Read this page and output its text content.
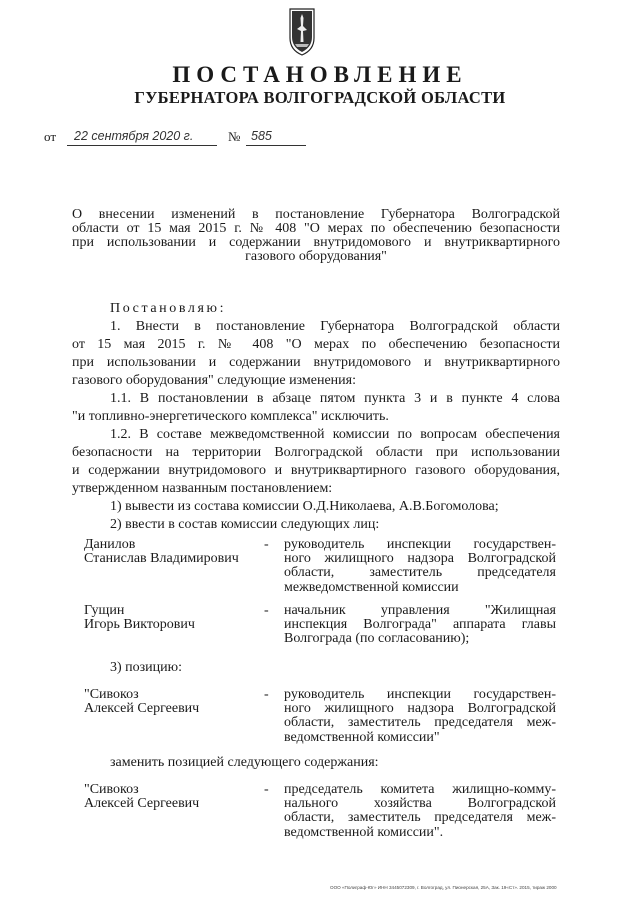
ПОСТАНОВЛЕНИЕ
ГУБЕРНАТОРА ВОЛГОГРАДСКОЙ ОБЛАСТИ
от 22 сентября 2020 г.	№ 585
О внесении изменений в постановление Губернатора Волгоградской
области от 15 мая 2015 г. № 408 "О мерах по обеспечению безопасности
при использовании и содержании внутридомового и внутриквартирного
газового оборудования"
Постановляю:
1. Внести в постановление Губернатора Волгоградской области
от 15 мая 2015 г. № 408 "О мерах по обеспечению безопасности
при использовании и содержании внутридомового и внутриквартирного
газового оборудования" следующие изменения:
1.1. В постановлении в абзаце пятом пункта 3 и в пункте 4 слова
"и топливно-энергетического комплекса" исключить.
1.2. В составе межведомственной комиссии по вопросам обеспечения
безопасности на территории Волгоградской области при использовании
и содержании внутридомового и внутриквартирного газового оборудования,
утвержденном названным постановлением:
1) вывести из состава комиссии О.Д.Николаева, А.В.Богомолова;
2) ввести в состав комиссии следующих лиц:
Данилов
Станислав Владимирович
- руководитель инспекции государствен-
ного жилищного надзора Волгоградской
области, заместитель председателя
межведомственной комиссии
Гущин
Игорь Викторович
- начальник управления "Жилищная
инспекция Волгограда" аппарата главы
Волгограда (по согласованию);
3) позицию:
"Сивокоз
Алексей Сергеевич
- руководитель инспекции государствен-
ного жилищного надзора Волгоградской
области, заместитель председателя меж-
ведомственной комиссии"
заменить позицией следующего содержания:
"Сивокоз
Алексей Сергеевич
- председатель комитета жилищно-комму-
нального хозяйства Волгоградской
области, заместитель председателя меж-
ведомственной комиссии".
ООО «Полиграф-Юг» ИНН 3445072309, г. Волгоград, ул. Пионерская, 25А, Зак. 19«Ст». 2015, тираж 2000
